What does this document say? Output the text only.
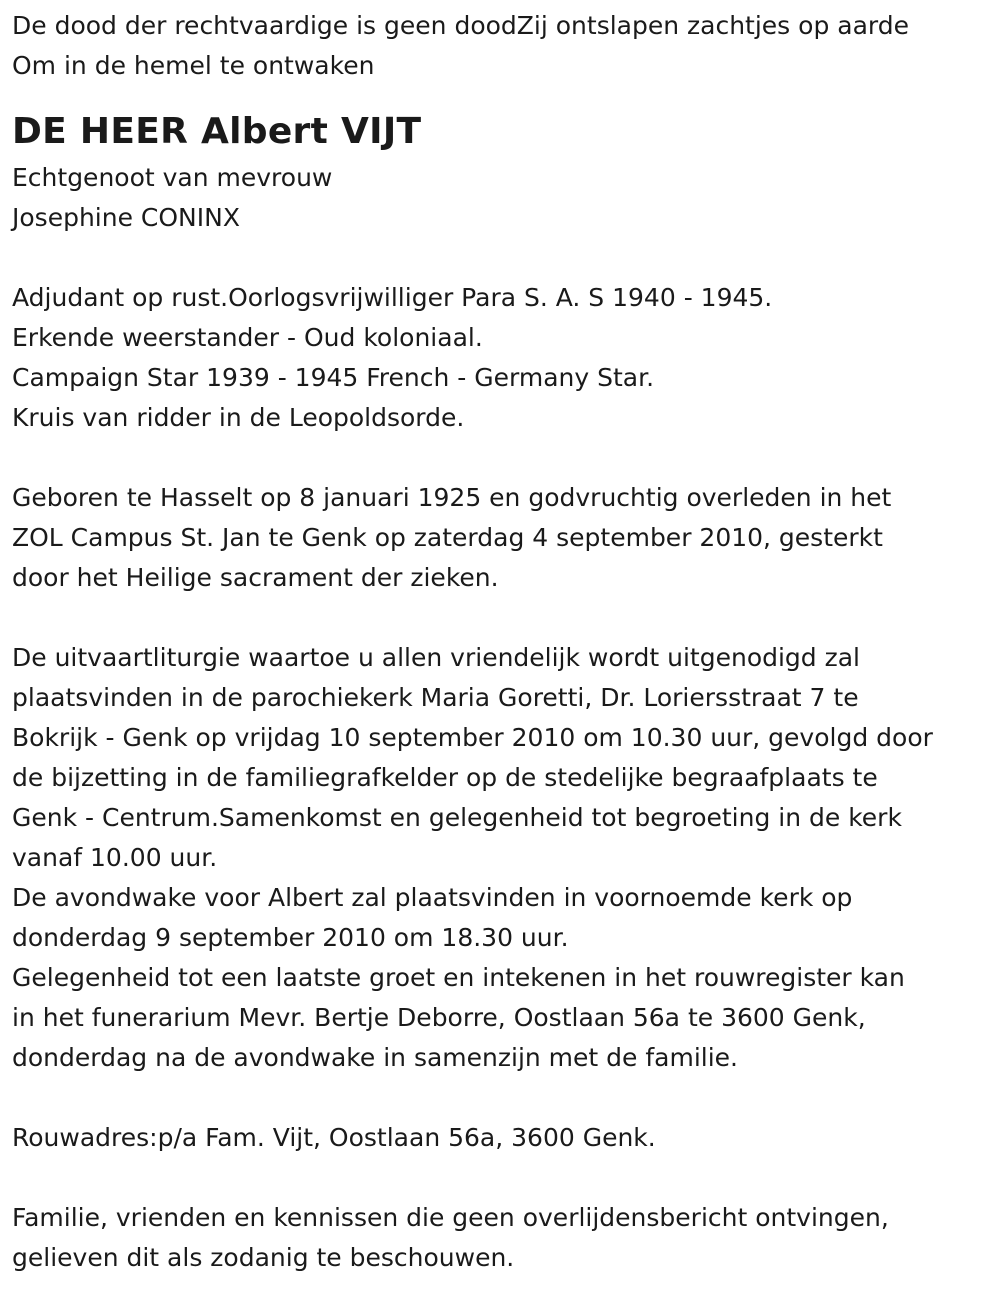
De dood der rechtvaardige is geen doodZij ontslapen zachtjes op aarde

Om in de hemel te ontwaken

DE HEER Albert VIJT

Echtgenoot van mevrouw

Josephine CONINX

Adjudant op rust.Oorlogsvrijwilliger Para S. A. S 1940 - 1945.

Erkende weerstander - Oud koloniaal.

Campaign Star 1939 - 1945 French - Germany Star.

Kruis van ridder in de Leopoldsorde.

Geboren te Hasselt op 8 januari 1925 en godvruchtig overleden in het

ZOL Campus St. Jan te Genk op zaterdag 4 september 2010, gesterkt

door het Heilige sacrament der zieken.

De uitvaartliturgie waartoe u allen vriendelijk wordt uitgenodigd zal

plaatsvinden in de parochiekerk Maria Goretti, Dr. Loriersstraat 7 te

Bokrijk - Genk op vrijdag 10 september 2010 om 10.30 uur, gevolgd door

de bijzetting in de familiegrafkelder op de stedelijke begraafplaats te

Genk - Centrum.Samenkomst en gelegenheid tot begroeting in de kerk

vanaf 10.00 uur.

De avondwake voor Albert zal plaatsvinden in voornoemde kerk op

donderdag 9 september 2010 om 18.30 uur.

Gelegenheid tot een laatste groet en intekenen in het rouwregister kan

in het funerarium Mevr. Bertje Deborre, Oostlaan 56a te 3600 Genk,

donderdag na de avondwake in samenzijn met de familie.

Rouwadres:p/a Fam. Vijt, Oostlaan 56a, 3600 Genk.

Familie, vrienden en kennissen die geen overlijdensbericht ontvingen,

gelieven dit als zodanig te beschouwen.
